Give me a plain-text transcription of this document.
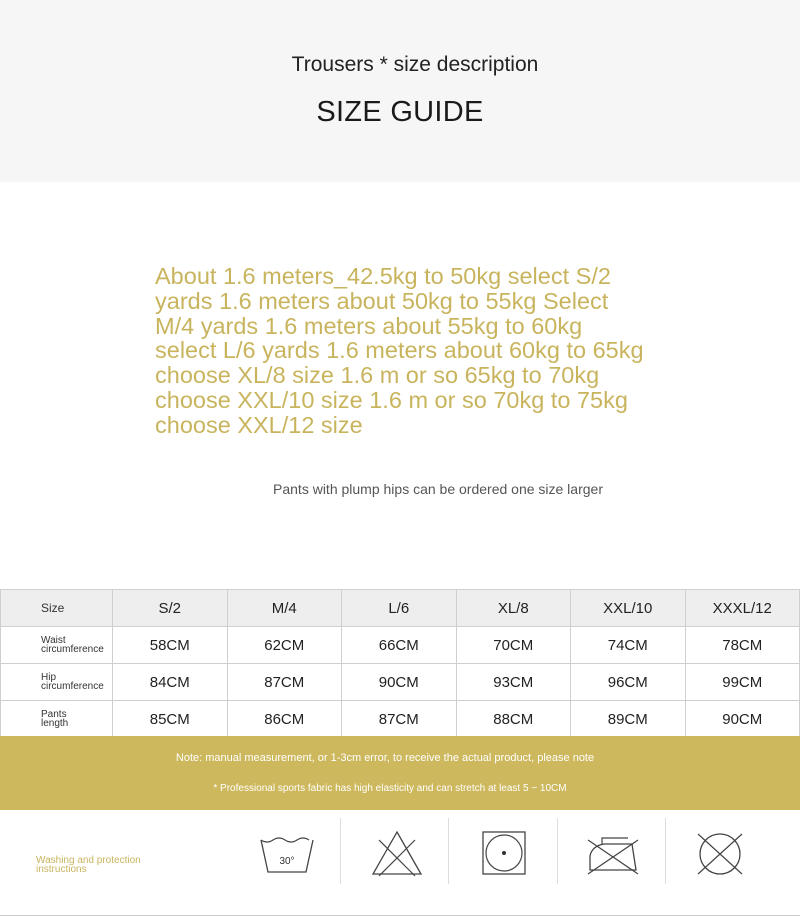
Trousers * size description
SIZE GUIDE
About 1.6 meters_42.5kg to 50kg select S/2 yards 1.6 meters about 50kg to 55kg Select M/4 yards 1.6 meters about 55kg to 60kg select L/6 yards 1.6 meters about 60kg to 65kg choose XL/8 size 1.6 m or so 65kg to 70kg choose XXL/10 size 1.6 m or so 70kg to 75kg choose XXL/12 size
Pants with plump hips can be ordered one size larger
Size	S/2	M/4	L/6	XL/8	XXL/10	XXXL/12
Waist
circumference	58CM	62CM	66CM	70CM	74CM	78CM
Hip
circumference	84CM	87CM	90CM	93CM	96CM	99CM
Pants
length	85CM	86CM	87CM	88CM	89CM	90CM
Note: manual measurement, or 1-3cm error, to receive the actual product, please note
* Professional sports fabric has high elasticity and can stretch at least 5 ~ 10CM
Washing and protection
instructions
30°
